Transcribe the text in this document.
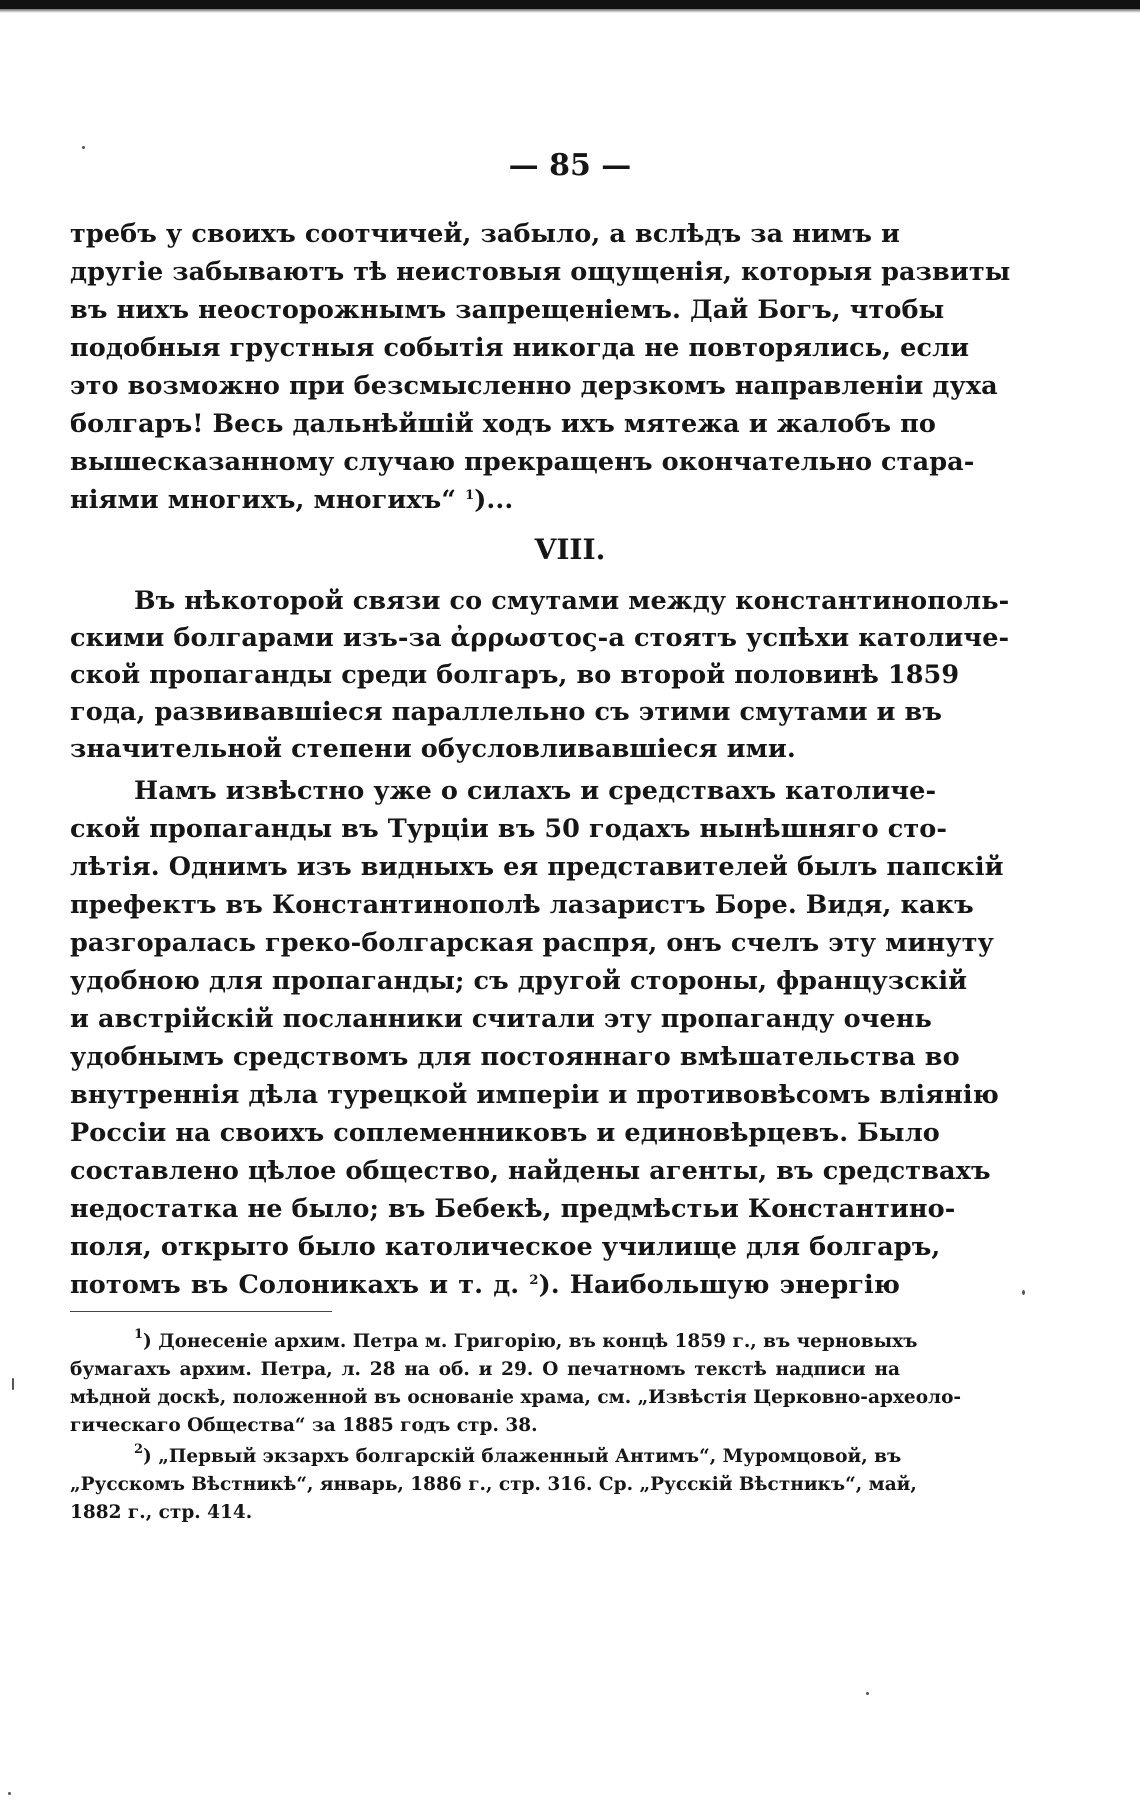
— 85 —

требъ у своихъ соотчичей, забыло, а вслѣдъ за нимъ и

другіе забываютъ тѣ неистовыя ощущенія, которыя развиты

въ нихъ неосторожнымъ запрещеніемъ. Дай Богъ, чтобы

подобныя грустныя событія никогда не повторялись, если

это возможно при безсмысленно дерзкомъ направленіи духа

болгаръ! Весь дальнѣйшій ходъ ихъ мятежа и жалобъ по

вышесказанному случаю прекращенъ окончательно стара-

ніями многихъ, многихъ“ $^1$)...

VIII.

Въ нѣкоторой связи со смутами между константинополь-

скими болгарами изъ-за ἀρρωστος-а стоятъ успѣхи католиче-

ской пропаганды среди болгаръ, во второй половинѣ 1859

года, развивавшіеся параллельно съ этими смутами и въ

значительной степени обусловливавшіеся ими.

Намъ извѣстно уже о силахъ и средствахъ католиче-

ской пропаганды въ Турціи въ 50 годахъ нынѣшняго сто-

лѣтія. Однимъ изъ видныхъ ея представителей былъ папскій

префектъ въ Константинополѣ лазаристъ Боре. Видя, какъ

разгоралась греко-болгарская распря, онъ счелъ эту минуту

удобною для пропаганды; съ другой стороны, французскій

и австрійскій посланники считали эту пропаганду очень

удобнымъ средствомъ для постояннаго вмѣшательства во

внутреннія дѣла турецкой имперіи и противовѣсомъ вліянію

Россіи на своихъ соплеменниковъ и единовѣрцевъ. Было

составлено цѣлое общество, найдены агенты, въ средствахъ

недостатка не было; въ Бебекѣ, предмѣстьи Константино-

поля, открыто было католическое училище для болгаръ,

потомъ въ Солоникахъ и т. д. $^2$). Наибольшую энергію

$^1$) Донесеніе архим. Петра м. Григорію, въ концѣ 1859 г., въ черновыхъ

бумагахъ архим. Петра, л. 28 на об. и 29. О печатномъ текстѣ надписи на

мѣдной доскѣ, положенной въ основаніе храма, см. „Извѣстія Церковно-археоло-

гическаго Общества“ за 1885 годъ стр. 38.

$^2$) „Первый экзархъ болгарскій блаженный Антимъ“, Муромцовой, въ

„Русскомъ Вѣстникѣ“, январь, 1886 г., стр. 316. Ср. „Русскій Вѣстникъ“, май,

1882 г., стр. 414.
